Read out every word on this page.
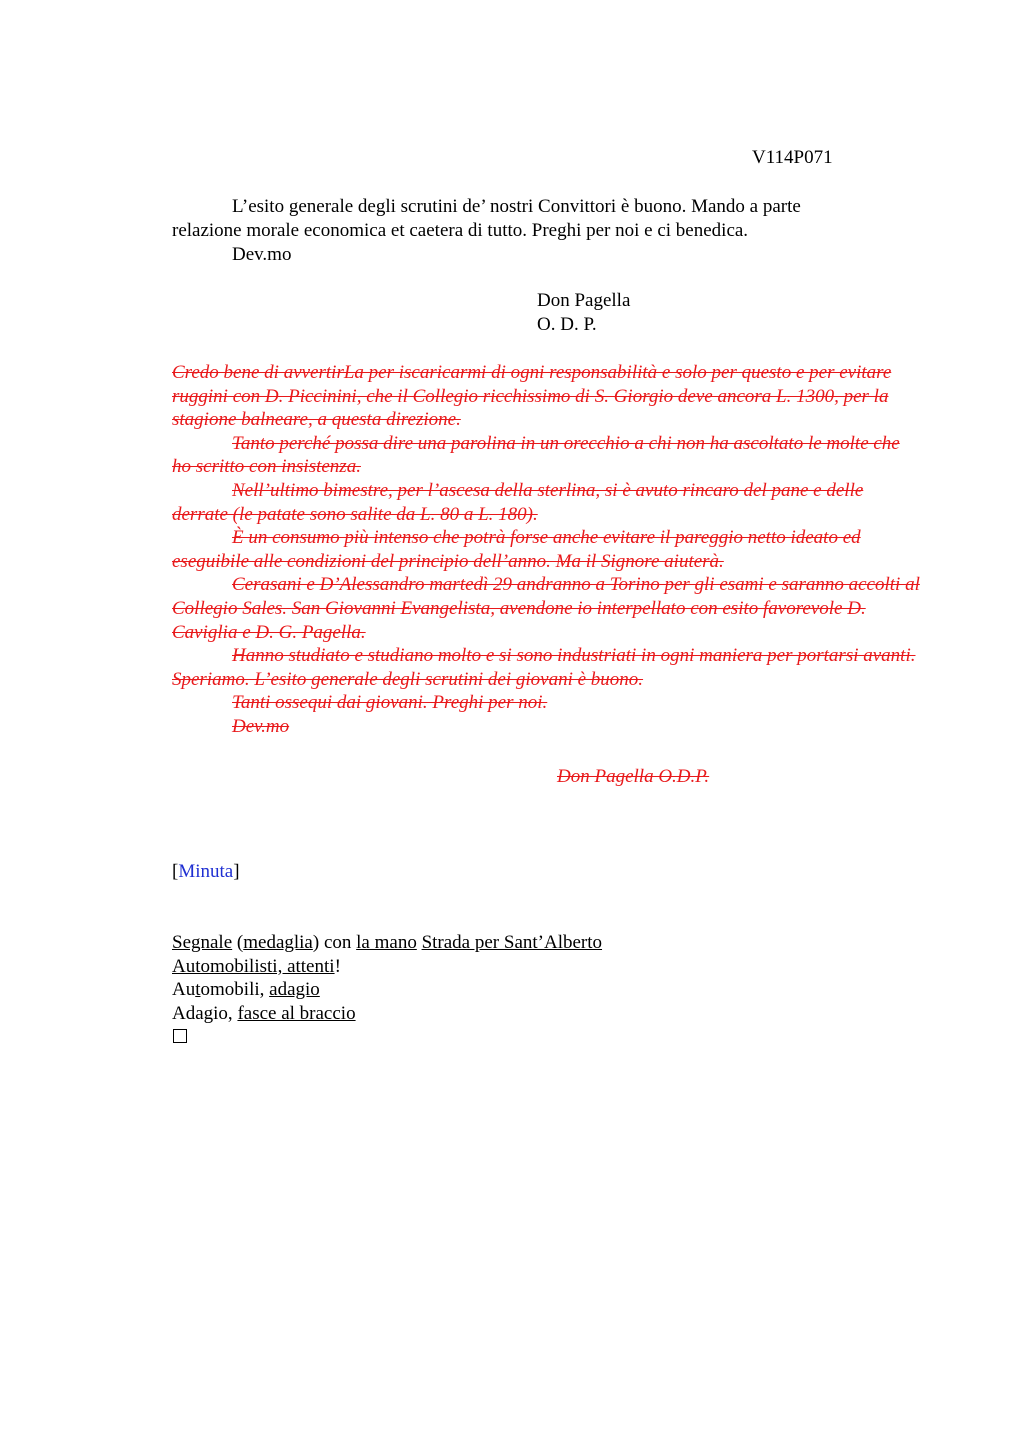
V114P071

L’esito generale degli scrutini de’ nostri Convittori è buono. Mando a parte relazione morale economica et caetera di tutto. Preghi per noi e ci benedica.

Dev.mo

Don Pagella
O. D. P.

Credo bene di avvertirLa per iscaricarmi di ogni responsabilità e solo per questo e per evitare ruggini con D. Piccinini, che il Collegio ricchissimo di S. Giorgio deve ancora L. 1300, per la stagione balneare, a questa direzione.

Tanto perché possa dire una parolina in un orecchio a chi non ha ascoltato le molte che ho scritto con insistenza.

Nell’ultimo bimestre, per l’ascesa della sterlina, si è avuto rincaro del pane e delle derrate (le patate sono salite da L. 80 a L. 180).

È un consumo più intenso che potrà forse anche evitare il pareggio netto ideato ed eseguibile alle condizioni del principio dell’anno. Ma il Signore aiuterà.

Cerasani e D’Alessandro martedì 29 andranno a Torino per gli esami e saranno accolti al Collegio Sales. San Giovanni Evangelista, avendone io interpellato con esito favorevole D. Caviglia e D. G. Pagella.

Hanno studiato e studiano molto e si sono industriati in ogni maniera per portarsi avanti. Speriamo. L’esito generale degli scrutini dei giovani è buono.

Tanti ossequi dai giovani. Preghi per noi.

Dev.mo

Don Pagella O.D.P.
[Minuta]

Segnale (medaglia) con la mano Strada per Sant’Alberto

Automobilisti, attenti!

Automobili, adagio

Adagio, fasce al braccio
